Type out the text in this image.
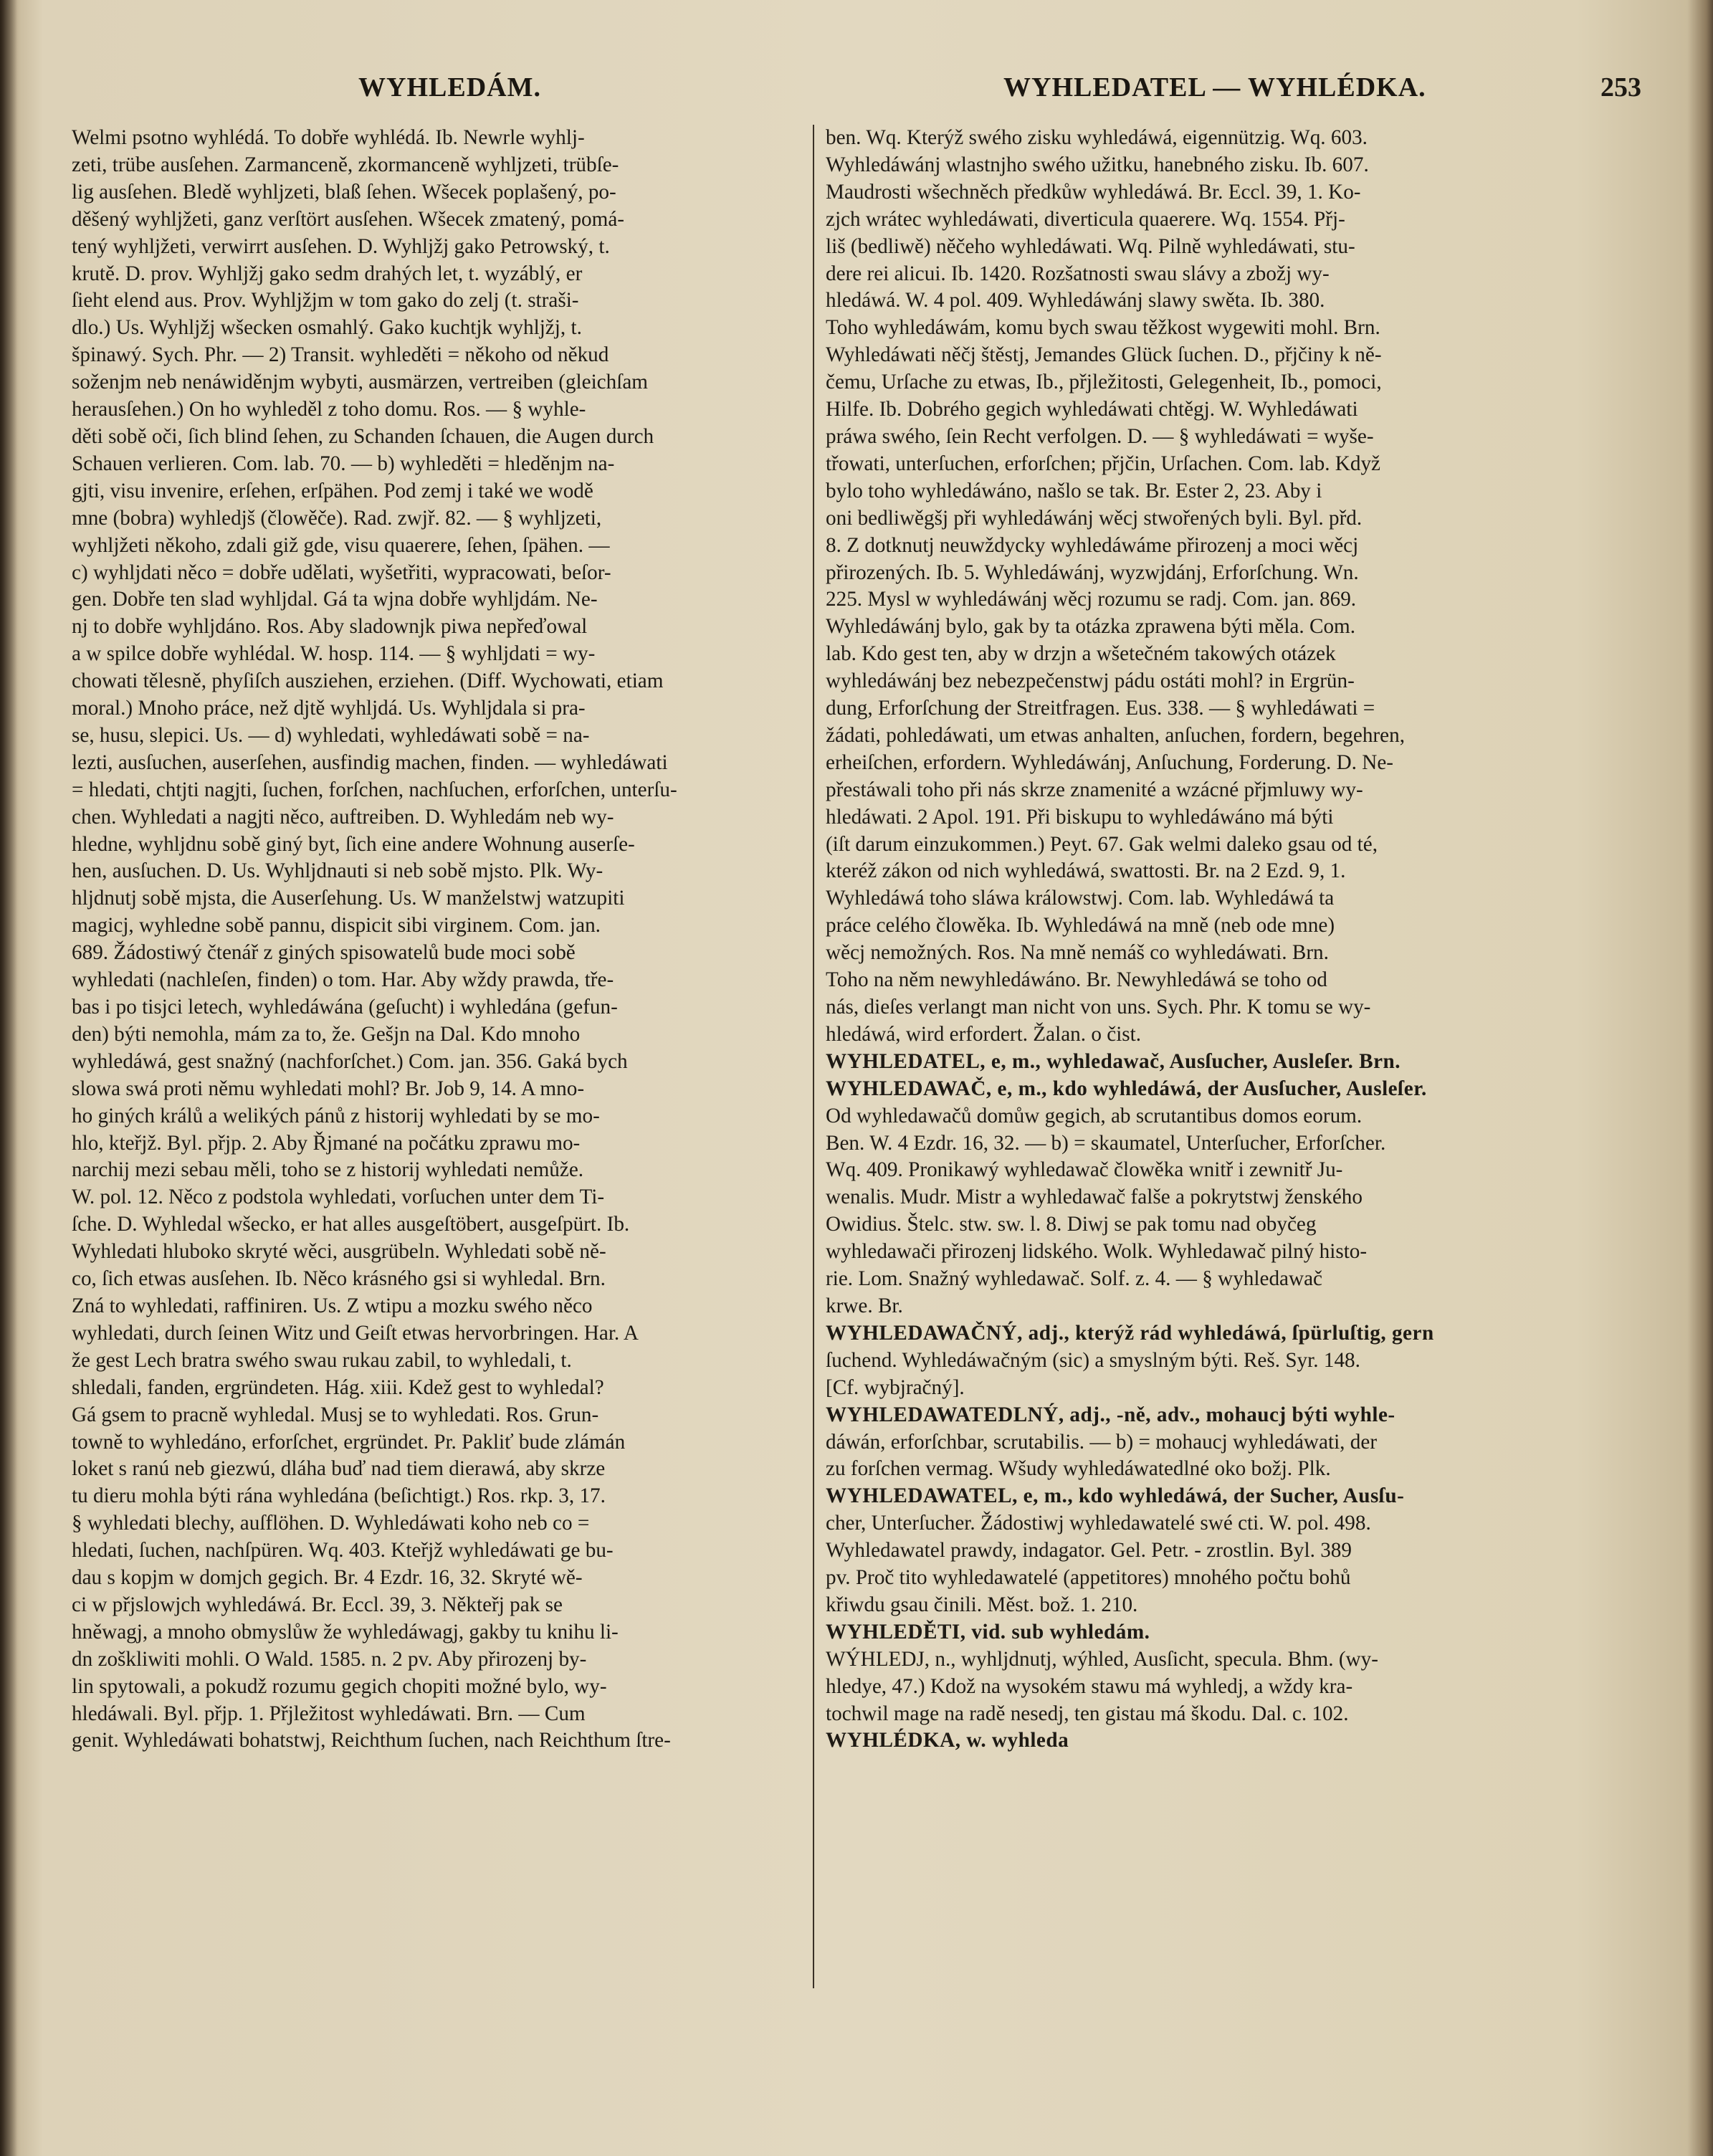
WYHLEDÁM.	WYHLEDATEL — WYHLÉDKA.	253
Welmi psotno wyhlédá. To dobře wyhlédá. Ib. Newrle wyhlj-
zeti, trübe ausſehen. Zarmanceně, zkormanceně wyhljzeti, trübſe-
lig ausſehen. Bledě wyhljzeti, blaß ſehen. Wšecek poplašený, po-
děšený wyhljžeti, ganz verſtört ausſehen. Wšecek zmatený, pomá-
tený wyhljžeti, verwirrt ausſehen. D. Wyhljžj gako Petrowský, t.
krutě. D. prov. Wyhljžj gako sedm drahých let, t. wyzáblý, er
ſieht elend aus. Prov. Wyhljžjm w tom gako do zelj (t. straši-
dlo.) Us. Wyhljžj wšecken osmahlý. Gako kuchtjk wyhljžj, t.
špinawý. Sych. Phr. — 2) Transit. wyhleděti = někoho od někud
soženjm neb nenáwiděnjm wybyti, ausmärzen, vertreiben (gleichſam
herausſehen.) On ho wyhleděl z toho domu. Ros. — § wyhle-
děti sobě oči, ſich blind ſehen, zu Schanden ſchauen, die Augen durch
Schauen verlieren. Com. lab. 70. — b) wyhleděti = hleděnjm na-
gjti, visu invenire, erſehen, erſpähen. Pod zemj i také we wodě
mne (bobra) wyhledjš (člowěče). Rad. zwjř. 82. — § wyhljzeti,
wyhljžeti někoho, zdali giž gde, visu quaerere, ſehen, ſpähen. —
c) wyhljdati něco = dobře udělati, wyšetřiti, wypracowati, beſor-
gen. Dobře ten slad wyhljdal. Gá ta wjna dobře wyhljdám. Ne-
nj to dobře wyhljdáno. Ros. Aby sladownjk piwa nepřeďowal
a w spilce dobře wyhlédal. W. hosp. 114. — § wyhljdati = wy-
chowati tělesně, phyſiſch ausziehen, erziehen. (Diff. Wychowati, etiam
moral.) Mnoho práce, než djtě wyhljdá. Us. Wyhljdala si pra-
se, husu, slepici. Us. — d) wyhledati, wyhledáwati sobě = na-
lezti, ausſuchen, auserſehen, ausfindig machen, finden. — wyhledáwati
= hledati, chtjti nagjti, ſuchen, forſchen, nachſuchen, erforſchen, unterſu-
chen. Wyhledati a nagjti něco, auftreiben. D. Wyhledám neb wy-
hledne, wyhljdnu sobě giný byt, ſich eine andere Wohnung auserſe-
hen, ausſuchen. D. Us. Wyhljdnauti si neb sobě mjsto. Plk. Wy-
hljdnutj sobě mjsta, die Auserſehung. Us. W manželstwj watzupiti
magicj, wyhledne sobě pannu, dispicit sibi virginem. Com. jan.
689. Žádostiwý čtenář z giných spisowatelů bude moci sobě
wyhledati (nachleſen, finden) o tom. Har. Aby wždy prawda, tře-
bas i po tisjci letech, wyhledáwána (geſucht) i wyhledána (gefun-
den) býti nemohla, mám za to, že. Gešjn na Dal. Kdo mnoho
wyhledáwá, gest snažný (nachforſchet.) Com. jan. 356. Gaká bych
slowa swá proti němu wyhledati mohl? Br. Job 9, 14. A mno-
ho giných králů a welikých pánů z historij wyhledati by se mo-
hlo, kteřjž. Byl. přjp. 2. Aby Řjmané na počátku zprawu mo-
narchij mezi sebau měli, toho se z historij wyhledati nemůže.
W. pol. 12. Něco z podstola wyhledati, vorſuchen unter dem Ti-
ſche. D. Wyhledal wšecko, er hat alles ausgeſtöbert, ausgeſpürt. Ib.
Wyhledati hluboko skryté wěci, ausgrübeln. Wyhledati sobě ně-
co, ſich etwas ausſehen. Ib. Něco krásného gsi si wyhledal. Brn.
Zná to wyhledati, raffiniren. Us. Z wtipu a mozku swého něco
wyhledati, durch ſeinen Witz und Geiſt etwas hervorbringen. Har. A
že gest Lech bratra swého swau rukau zabil, to wyhledali, t.
shledali, fanden, ergründeten. Hág. xiii. Kdež gest to wyhledal?
Gá gsem to pracně wyhledal. Musj se to wyhledati. Ros. Grun-
towně to wyhledáno, erforſchet, ergründet. Pr. Pakliť bude zlámán
loket s ranú neb giezwú, dláha buď nad tiem dierawá, aby skrze
tu dieru mohla býti rána wyhledána (beſichtigt.) Ros. rkp. 3, 17.
§ wyhledati blechy, auſflöhen. D. Wyhledáwati koho neb co =
hledati, ſuchen, nachſpüren. Wq. 403. Kteřjž wyhledáwati ge bu-
dau s kopjm w domjch gegich. Br. 4 Ezdr. 16, 32. Skryté wě-
ci w přjslowjch wyhledáwá. Br. Eccl. 39, 3. Někteřj pak se
hněwagj, a mnoho obmyslůw že wyhledáwagj, gakby tu knihu li-
dn zoškliwiti mohli. O Wald. 1585. n. 2 pv. Aby přirozenj by-
lin spytowali, a pokudž rozumu gegich chopiti možné bylo, wy-
hledáwali. Byl. přjp. 1. Přjležitost wyhledáwati. Brn. — Cum
genit. Wyhledáwati bohatstwj, Reichthum ſuchen, nach Reichthum ſtre-
ben. Wq. Kterýž swého zisku wyhledáwá, eigennützig. Wq. 603.
Wyhledáwánj wlastnjho swého užitku, hanebného zisku. Ib. 607.
Maudrosti wšechněch předkůw wyhledáwá. Br. Eccl. 39, 1. Ko-
zjch wrátec wyhledáwati, diverticula quaerere. Wq. 1554. Přj-
liš (bedliwě) něčeho wyhledáwati. Wq. Pilně wyhledáwati, stu-
dere rei alicui. Ib. 1420. Rozšatnosti swau slávy a zbožj wy-
hledáwá. W. 4 pol. 409. Wyhledáwánj slawy swěta. Ib. 380.
Toho wyhledáwám, komu bych swau těžkost wygewiti mohl. Brn.
Wyhledáwati něčj štěstj, Jemandes Glück ſuchen. D., přjčiny k ně-
čemu, Urſache zu etwas, Ib., přjležitosti, Gelegenheit, Ib., pomoci,
Hilfe. Ib. Dobrého gegich wyhledáwati chtěgj. W. Wyhledáwati
práwa swého, ſein Recht verfolgen. D. — § wyhledáwati = wyše-
třowati, unterſuchen, erforſchen; přjčin, Urſachen. Com. lab. Když
bylo toho wyhledáwáno, našlo se tak. Br. Ester 2, 23. Aby i
oni bedliwěgšj při wyhledáwánj wěcj stwořených byli. Byl. přd.
8. Z dotknutj neuwždycky wyhledáwáme přirozenj a moci wěcj
přirozených. Ib. 5. Wyhledáwánj, wyzwjdánj, Erforſchung. Wn.
225. Mysl w wyhledáwánj wěcj rozumu se radj. Com. jan. 869.
Wyhledáwánj bylo, gak by ta otázka zprawena býti měla. Com.
lab. Kdo gest ten, aby w drzjn a wšetečném takowých otázek
wyhledáwánj bez nebezpečenstwj pádu ostáti mohl? in Ergrün-
dung, Erforſchung der Streitfragen. Eus. 338. — § wyhledáwati =
žádati, pohledáwati, um etwas anhalten, anſuchen, fordern, begehren,
erheiſchen, erfordern. Wyhledáwánj, Anſuchung, Forderung. D. Ne-
přestáwali toho při nás skrze znamenité a wzácné přjmluwy wy-
hledáwati. 2 Apol. 191. Při biskupu to wyhledáwáno má býti
(iſt darum einzukommen.) Peyt. 67. Gak welmi daleko gsau od té,
kteréž zákon od nich wyhledáwá, swattosti. Br. na 2 Ezd. 9, 1.
Wyhledáwá toho sláwa králowstwj. Com. lab. Wyhledáwá ta
práce celého člowěka. Ib. Wyhledáwá na mně (neb ode mne)
wěcj nemožných. Ros. Na mně nemáš co wyhledáwati. Brn.
Toho na něm newyhledáwáno. Br. Newyhledáwá se toho od
nás, dieſes verlangt man nicht von uns. Sych. Phr. K tomu se wy-
hledáwá, wird erfordert. Žalan. o čist.
WYHLEDATEL, e, m., wyhledawač, Ausſucher, Ausleſer. Brn.
WYHLEDAWAČ, e, m., kdo wyhledáwá, der Ausſucher, Ausleſer.
Od wyhledawačů domůw gegich, ab scrutantibus domos eorum.
Ben. W. 4 Ezdr. 16, 32. — b) = skaumatel, Unterſucher, Erforſcher.
Wq. 409. Pronikawý wyhledawač člowěka wnitř i zewnitř Ju-
wenalis. Mudr. Mistr a wyhledawač falše a pokrytstwj ženského
Owidius. Štelc. stw. sw. l. 8. Diwj se pak tomu nad obyčeg
wyhledawači přirozenj lidského. Wolk. Wyhledawač pilný histo-
rie. Lom. Snažný wyhledawač. Solf. z. 4. — § wyhledawač
krwe. Br.
WYHLEDAWAČNÝ, adj., kterýž rád wyhledáwá, ſpürluſtig, gern
ſuchend. Wyhledáwačným (sic) a smyslným býti. Reš. Syr. 148.
[Cf. wybjračný].
WYHLEDAWATEDLNÝ, adj., -ně, adv., mohaucj býti wyhle-
dáwán, erforſchbar, scrutabilis. — b) = mohaucj wyhledáwati, der
zu forſchen vermag. Wšudy wyhledáwatedlné oko božj. Plk.
WYHLEDAWATEL, e, m., kdo wyhledáwá, der Sucher, Ausſu-
cher, Unterſucher. Žádostiwj wyhledawatelé swé cti. W. pol. 498.
Wyhledawatel prawdy, indagator. Gel. Petr. - zrostlin. Byl. 389
pv. Proč tito wyhledawatelé (appetitores) mnohého počtu bohů
křiwdu gsau činili. Měst. bož. 1. 210.
WYHLEDĚTI, vid. sub wyhledám.
WÝHLEDJ, n., wyhljdnutj, wýhled, Ausſicht, specula. Bhm. (wy-
hledye, 47.) Kdož na wysokém stawu má wyhledj, a wždy kra-
tochwil mage na radě nesedj, ten gistau má škodu. Dal. c. 102.
WYHLÉDKA, w. wyhleda
